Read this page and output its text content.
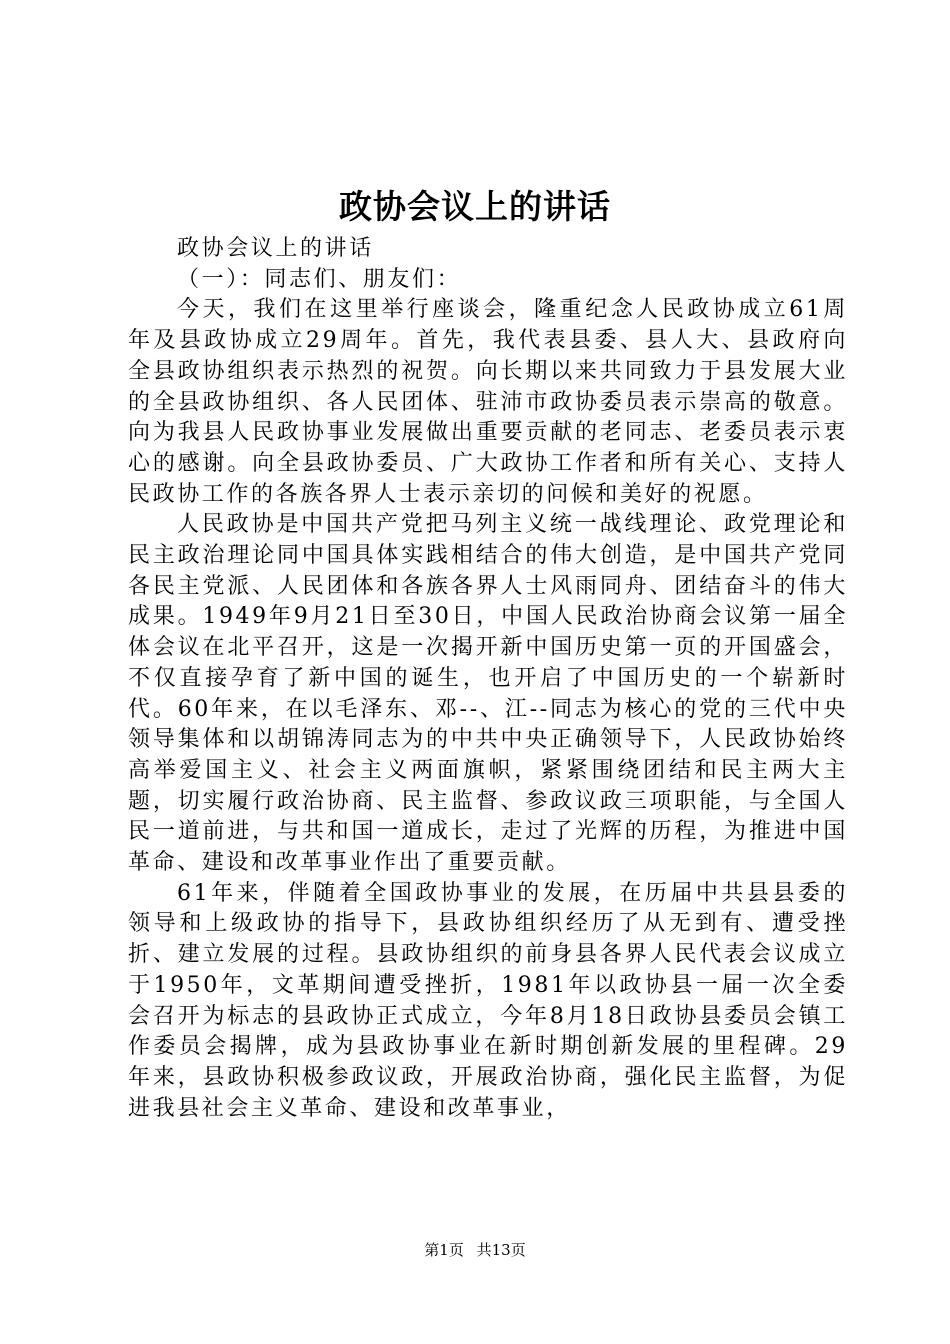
政协会议上的讲话

政协会议上的讲话

（一）：同志们、朋友们：

今天，我们在这里举行座谈会，隆重纪念人民政协成立61周年及县政协成立29周年。首先，我代表县委、县人大、县政府向全县政协组织表示热烈的祝贺。向长期以来共同致力于县发展大业的全县政协组织、各人民团体、驻沛市政协委员表示崇高的敬意。向为我县人民政协事业发展做出重要贡献的老同志、老委员表示衷心的感谢。向全县政协委员、广大政协工作者和所有关心、支持人民政协工作的各族各界人士表示亲切的问候和美好的祝愿。

人民政协是中国共产党把马列主义统一战线理论、政党理论和民主政治理论同中国具体实践相结合的伟大创造，是中国共产党同各民主党派、人民团体和各族各界人士风雨同舟、团结奋斗的伟大成果。1949年9月21日至30日，中国人民政治协商会议第一届全体会议在北平召开，这是一次揭开新中国历史第一页的开国盛会，不仅直接孕育了新中国的诞生，也开启了中国历史的一个崭新时代。60年来，在以毛泽东、邓--、江--同志为核心的党的三代中央领导集体和以胡锦涛同志为的中共中央正确领导下，人民政协始终高举爱国主义、社会主义两面旗帜，紧紧围绕团结和民主两大主题，切实履行政治协商、民主监督、参政议政三项职能，与全国人民一道前进，与共和国一道成长，走过了光辉的历程，为推进中国革命、建设和改革事业作出了重要贡献。

61年来，伴随着全国政协事业的发展，在历届中共县县委的领导和上级政协的指导下，县政协组织经历了从无到有、遭受挫折、建立发展的过程。县政协组织的前身县各界人民代表会议成立于1950年，文革期间遭受挫折，1981年以政协县一届一次全委会召开为标志的县政协正式成立，今年8月18日政协县委员会镇工作委员会揭牌，成为县政协事业在新时期创新发展的里程碑。29年来，县政协积极参政议政，开展政治协商，强化民主监督，为促进我县社会主义革命、建设和改革事业，

第1页 共13页
